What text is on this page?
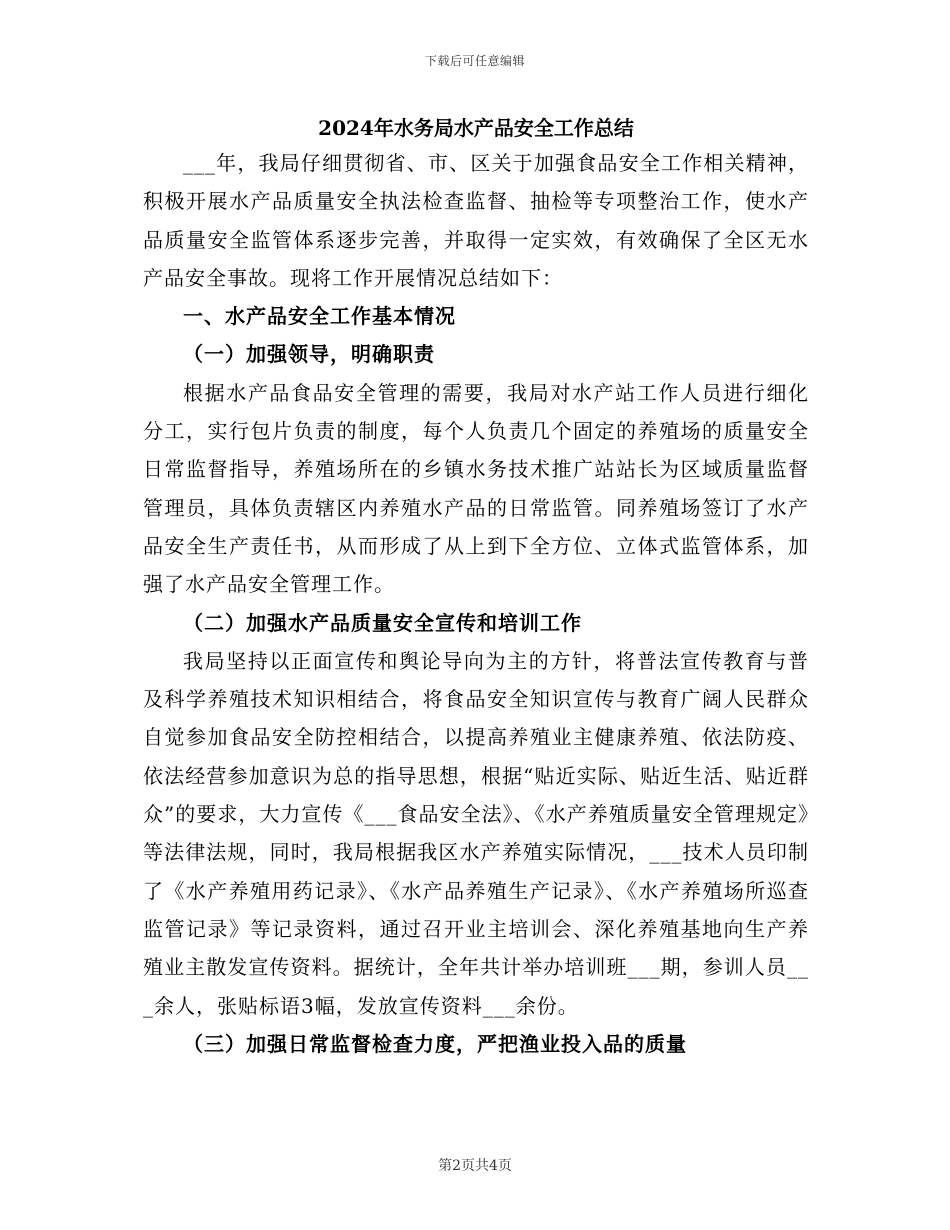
下载后可任意编辑

2024年水务局水产品安全工作总结

___年，我局仔细贯彻省、市、区关于加强食品安全工作相关精神，积极开展水产品质量安全执法检查监督、抽检等专项整治工作，使水产品质量安全监管体系逐步完善，并取得一定实效，有效确保了全区无水产品安全事故。现将工作开展情况总结如下：

一、水产品安全工作基本情况

（一）加强领导，明确职责

根据水产品食品安全管理的需要，我局对水产站工作人员进行细化分工，实行包片负责的制度，每个人负责几个固定的养殖场的质量安全日常监督指导，养殖场所在的乡镇水务技术推广站站长为区域质量监督管理员，具体负责辖区内养殖水产品的日常监管。同养殖场签订了水产品安全生产责任书，从而形成了从上到下全方位、立体式监管体系，加强了水产品安全管理工作。

（二）加强水产品质量安全宣传和培训工作

我局坚持以正面宣传和舆论导向为主的方针，将普法宣传教育与普及科学养殖技术知识相结合，将食品安全知识宣传与教育广阔人民群众自觉参加食品安全防控相结合，以提高养殖业主健康养殖、依法防疫、依法经营参加意识为总的指导思想，根据“贴近实际、贴近生活、贴近群众”的要求，大力宣传《___食品安全法》、《水产养殖质量安全管理规定》等法律法规，同时，我局根据我区水产养殖实际情况，___技术人员印制了《水产养殖用药记录》、《水产品养殖生产记录》、《水产养殖场所巡查监管记录》等记录资料，通过召开业主培训会、深化养殖基地向生产养殖业主散发宣传资料。据统计，全年共计举办培训班___期，参训人员___余人，张贴标语3幅，发放宣传资料___余份。

（三）加强日常监督检查力度，严把渔业投入品的质量

第2页共4页
